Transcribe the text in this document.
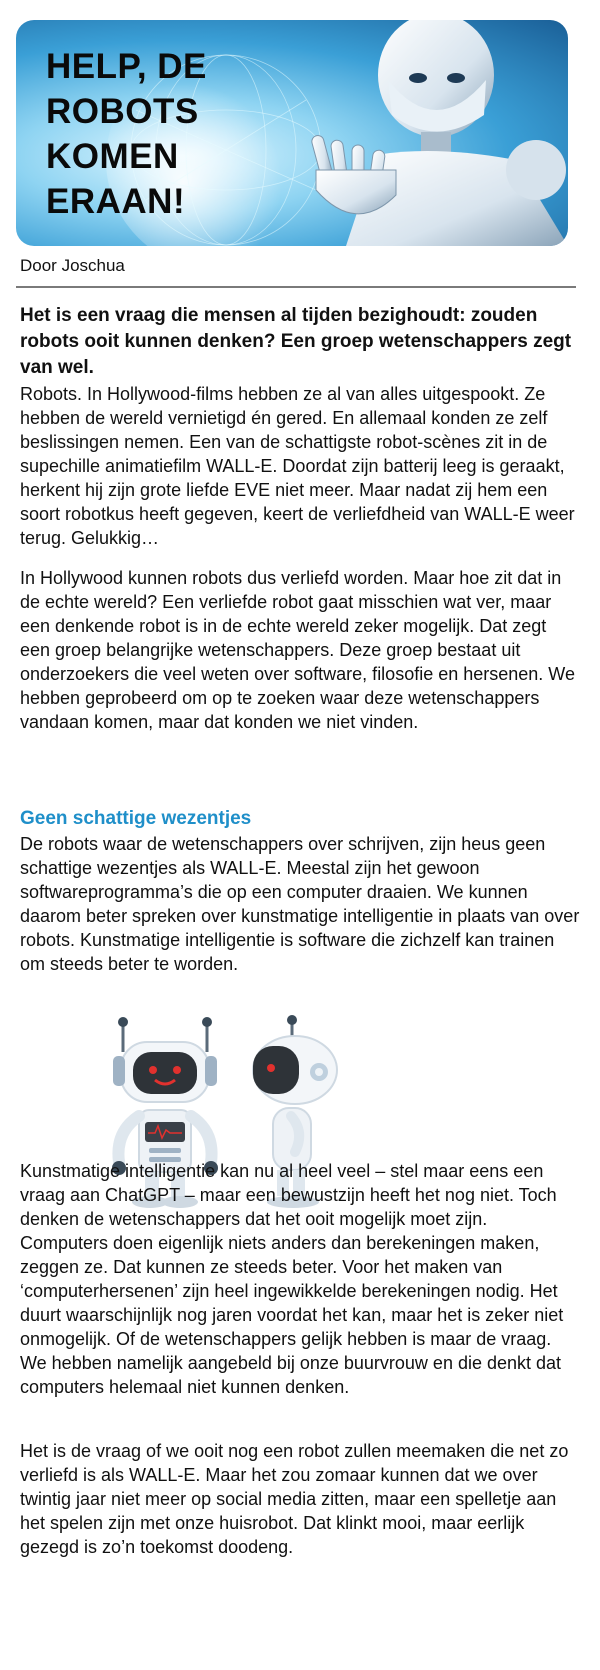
HELP, DE ROBOTS KOMEN ERAAN!
Door Joschua
Het is een vraag die mensen al tijden bezighoudt: zouden robots ooit kunnen denken? Een groep wetenschappers zegt van wel.
Robots. In Hollywood-films hebben ze al van alles uitgespookt. Ze hebben de wereld vernietigd én gered. En allemaal konden ze zelf beslissingen nemen. Een van de schattigste robot-scènes zit in de supechille animatiefilm WALL-E. Doordat zijn batterij leeg is geraakt, herkent hij zijn grote liefde EVE niet meer. Maar nadat zij hem een soort robotkus heeft gegeven, keert de verliefdheid van WALL-E weer terug. Gelukkig…
In Hollywood kunnen robots dus verliefd worden. Maar hoe zit dat in de echte wereld? Een verliefde robot gaat misschien wat ver, maar een denkende robot is in de echte wereld zeker mogelijk. Dat zegt een groep belangrijke wetenschappers. Deze groep bestaat uit onderzoekers die veel weten over software, filosofie en hersenen. We hebben geprobeerd om op te zoeken waar deze wetenschappers vandaan komen, maar dat konden we niet vinden.
Geen schattige wezentjes
De robots waar de wetenschappers over schrijven, zijn heus geen schattige wezentjes als WALL-E. Meestal zijn het gewoon softwareprogramma’s die op een computer draaien. We kunnen daarom beter spreken over kunstmatige intelligentie in plaats van over robots. Kunstmatige intelligentie is software die zichzelf kan trainen om steeds beter te worden.
Kunstmatige intelligentie kan nu al heel veel – stel maar eens een vraag aan ChatGPT – maar een bewustzijn heeft het nog niet. Toch denken de wetenschappers dat het ooit mogelijk moet zijn. Computers doen eigenlijk niets anders dan berekeningen maken, zeggen ze. Dat kunnen ze steeds beter. Voor het maken van ‘computerhersenen’ zijn heel ingewikkelde berekeningen nodig. Het duurt waarschijnlijk nog jaren voordat het kan, maar het is zeker niet onmogelijk. Of de wetenschappers gelijk hebben is maar de vraag. We hebben namelijk aangebeld bij onze buurvrouw en die denkt dat computers helemaal niet kunnen denken.
Het is de vraag of we ooit nog een robot zullen meemaken die net zo verliefd is als WALL-E. Maar het zou zomaar kunnen dat we over twintig jaar niet meer op social media zitten, maar een spelletje aan het spelen zijn met onze huisrobot. Dat klinkt mooi, maar eerlijk gezegd is zo’n toekomst doodeng.
